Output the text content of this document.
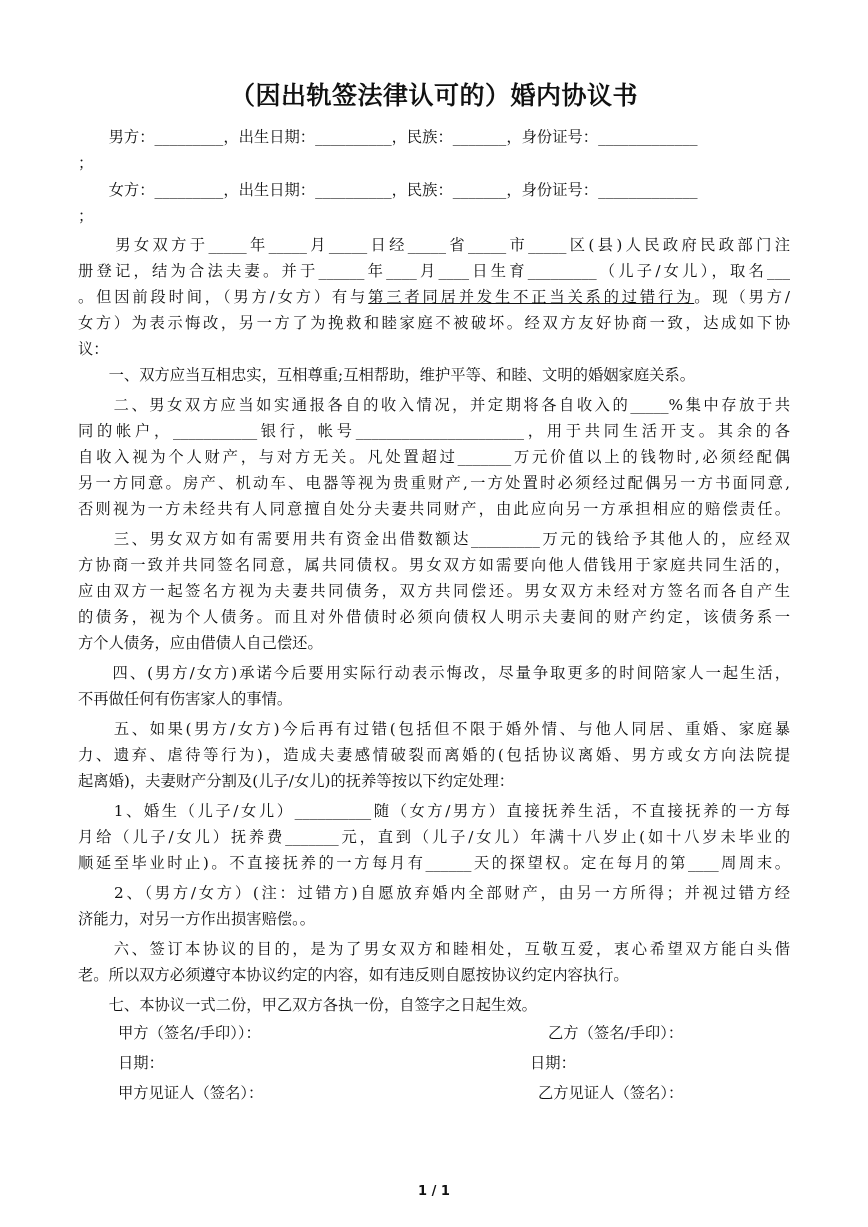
（因出轨签法律认可的）婚内协议书
　　男方：_________，出生日期：__________，民族：_______，身份证号：_____________
；
　　女方：_________，出生日期：__________，民族：_______，身份证号：_____________
；
　　男女双方于_____年_____月_____日经_____省_____市_____区(县)人民政府民政部门注
册登记，结为合法夫妻。并于______年____月____日生育_________（儿子/女儿），取名___
。但因前段时间，（男方/女方）有与第三者同居并发生不正当关系的过错行为。现（男方/
女方）为表示悔改，另一方了为挽救和睦家庭不被破坏。经双方友好协商一致，达成如下协
议：
　　一、双方应当互相忠实，互相尊重;互相帮助，维护平等、和睦、文明的婚姻家庭关系。
　　二、男女双方应当如实通报各自的收入情况，并定期将各自收入的_____%集中存放于共
同的帐户，___________银行，帐号______________________，用于共同生活开支。其余的各
自收入视为个人财产，与对方无关。凡处置超过_______万元价值以上的钱物时,必须经配偶
另一方同意。房产、机动车、电器等视为贵重财产,一方处置时必须经过配偶另一方书面同意,
否则视为一方未经共有人同意擅自处分夫妻共同财产，由此应向另一方承担相应的赔偿责任。
　　三、男女双方如有需要用共有资金出借数额达_________万元的钱给予其他人的，应经双
方协商一致并共同签名同意，属共同债权。男女双方如需要向他人借钱用于家庭共同生活的，
应由双方一起签名方视为夫妻共同债务，双方共同偿还。男女双方未经对方签名而各自产生
的债务，视为个人债务。而且对外借债时必须向债权人明示夫妻间的财产约定，该债务系一
方个人债务，应由借债人自己偿还。
　　四、(男方/女方)承诺今后要用实际行动表示悔改，尽量争取更多的时间陪家人一起生活，
不再做任何有伤害家人的事情。
　　五、如果(男方/女方)今后再有过错(包括但不限于婚外情、与他人同居、重婚、家庭暴
力、遗弃、虐待等行为)，造成夫妻感情破裂而离婚的(包括协议离婚、男方或女方向法院提
起离婚)，夫妻财产分割及(儿子/女儿)的抚养等按以下约定处理：
　　1、婚生（儿子/女儿）__________随（女方/男方）直接抚养生活，不直接抚养的一方每
月给（儿子/女儿）抚养费_______元，直到（儿子/女儿）年满十八岁止(如十八岁未毕业的
顺延至毕业时止)。不直接抚养的一方每月有______天的探望权。定在每月的第____周周末。
　　2、（男方/女方）(注：过错方)自愿放弃婚内全部财产，由另一方所得；并视过错方经
济能力，对另一方作出损害赔偿。。
　　六、签订本协议的目的，是为了男女双方和睦相处，互敬互爱，衷心希望双方能白头偕
老。所以双方必须遵守本协议约定的内容，如有违反则自愿按协议约定内容执行。
　　七、本协议一式二份，甲乙双方各执一份，自签字之日起生效。
甲方（签名/手印））：	乙方（签名/手印）：
日期：	日期：
甲方见证人（签名）：	乙方见证人（签名）：
1 / 1
